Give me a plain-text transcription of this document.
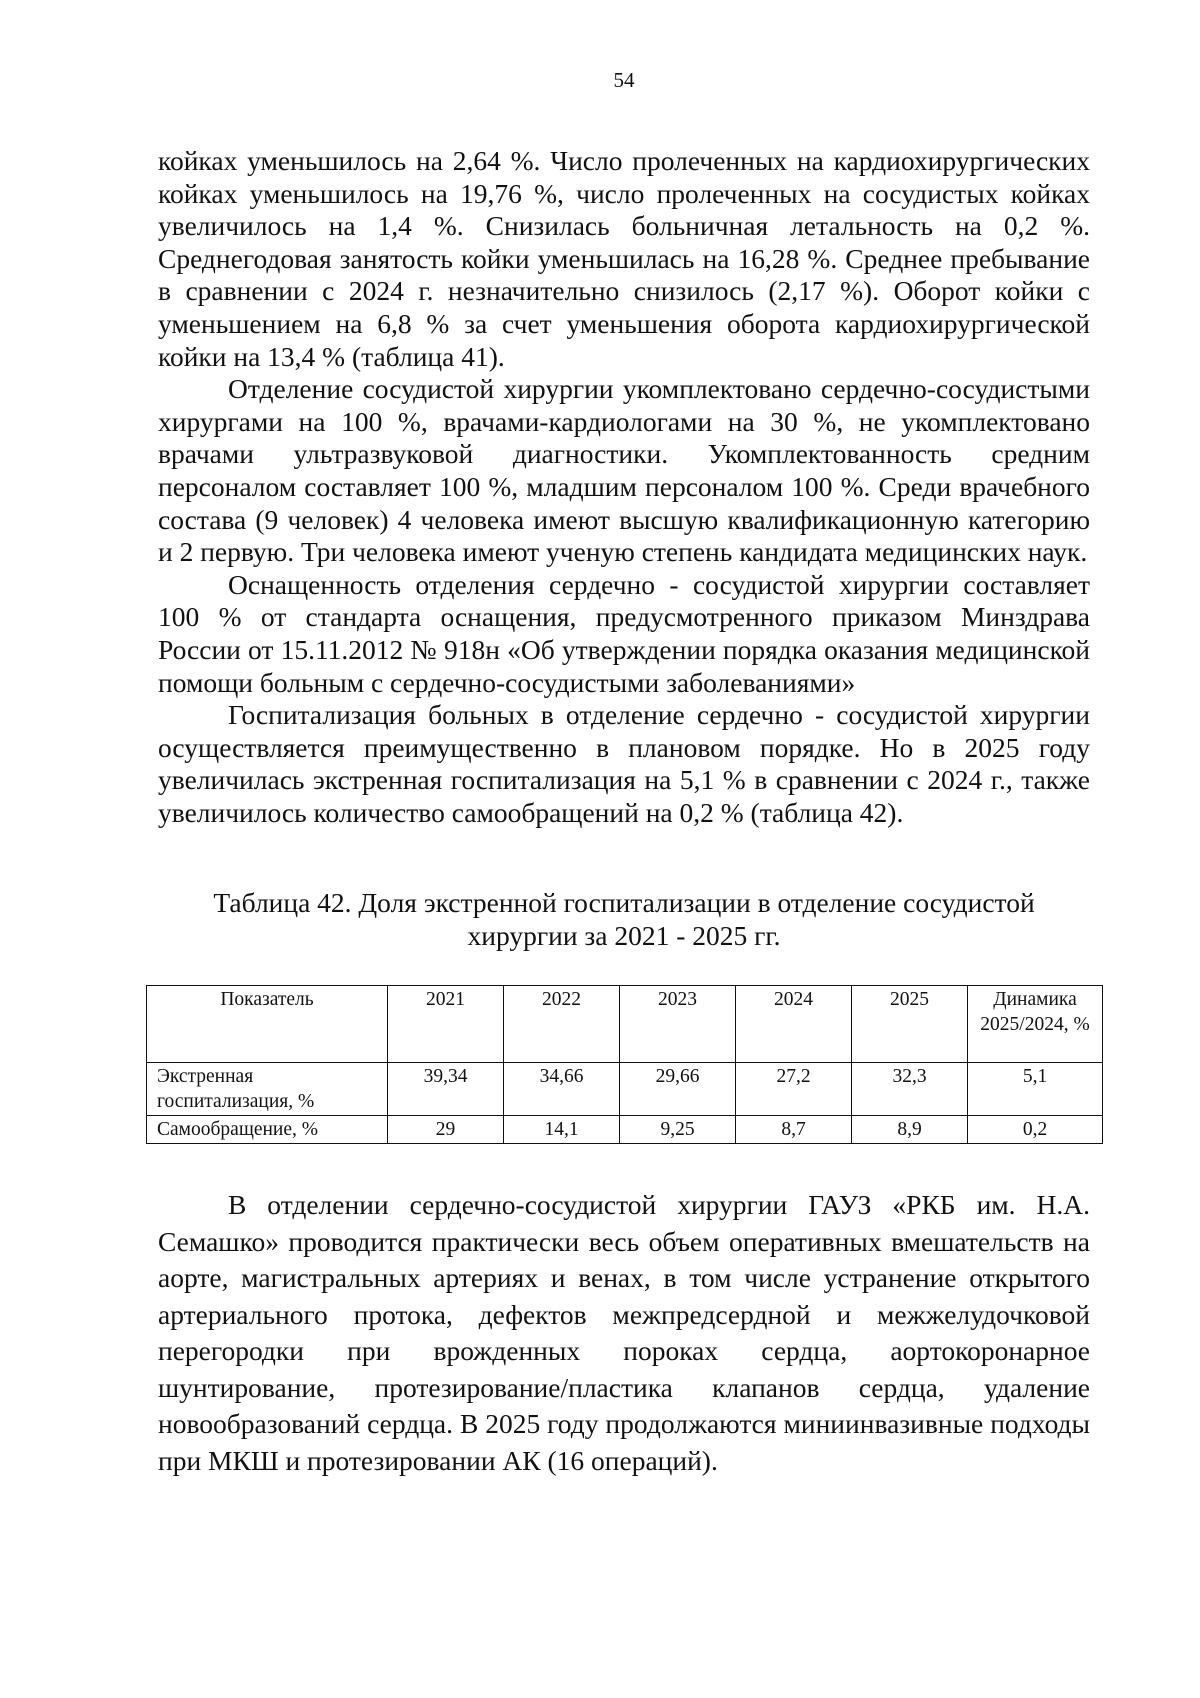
54

койках уменьшилось на 2,64 %. Число пролеченных на кардиохирургических койках уменьшилось на 19,76 %, число пролеченных на сосудистых койках увеличилось на 1,4 %. Снизилась больничная летальность на 0,2 %. Среднегодовая занятость койки уменьшилась на 16,28 %. Среднее пребывание в сравнении с 2024 г. незначительно снизилось (2,17 %). Оборот койки с уменьшением на 6,8 % за счет уменьшения оборота кардиохирургической койки на 13,4 % (таблица 41).

Отделение сосудистой хирургии укомплектовано сердечно-сосудистыми хирургами на 100 %, врачами-кардиологами на 30 %, не укомплектовано врачами ультразвуковой диагностики. Укомплектованность средним персоналом составляет 100 %, младшим персоналом 100 %. Среди врачебного состава (9 человек) 4 человека имеют высшую квалификационную категорию и 2 первую. Три человека имеют ученую степень кандидата медицинских наук.

Оснащенность отделения сердечно - сосудистой хирургии составляет 100 % от стандарта оснащения, предусмотренного приказом Минздрава России от 15.11.2012 № 918н «Об утверждении порядка оказания медицинской помощи больным с сердечно-сосудистыми заболеваниями»

Госпитализация больных в отделение сердечно - сосудистой хирургии осуществляется преимущественно в плановом порядке. Но в 2025 году увеличилась экстренная госпитализация на 5,1 % в сравнении с 2024 г., также увеличилось количество самообращений на 0,2 % (таблица 42).

Таблица 42. Доля экстренной госпитализации в отделение сосудистой
хирургии за 2021 - 2025 гг.
Показатель	2021	2022	2023	2024	2025	Динамика 2025/2024, %
Экстренная госпитализация, %	39,34	34,66	29,66	27,2	32,3	5,1
Самообращение, %	29	14,1	9,25	8,7	8,9	0,2

В отделении сердечно-сосудистой хирургии ГАУЗ «РКБ им. Н.А. Семашко» проводится практически весь объем оперативных вмешательств на аорте, магистральных артериях и венах, в том числе устранение открытого артериального протока, дефектов межпредсердной и межжелудочковой перегородки при врожденных пороках сердца, аортокоронарное шунтирование, протезирование/пластика клапанов сердца, удаление новообразований сердца. В 2025 году продолжаются миниинвазивные подходы при МКШ и протезировании АК (16 операций).
